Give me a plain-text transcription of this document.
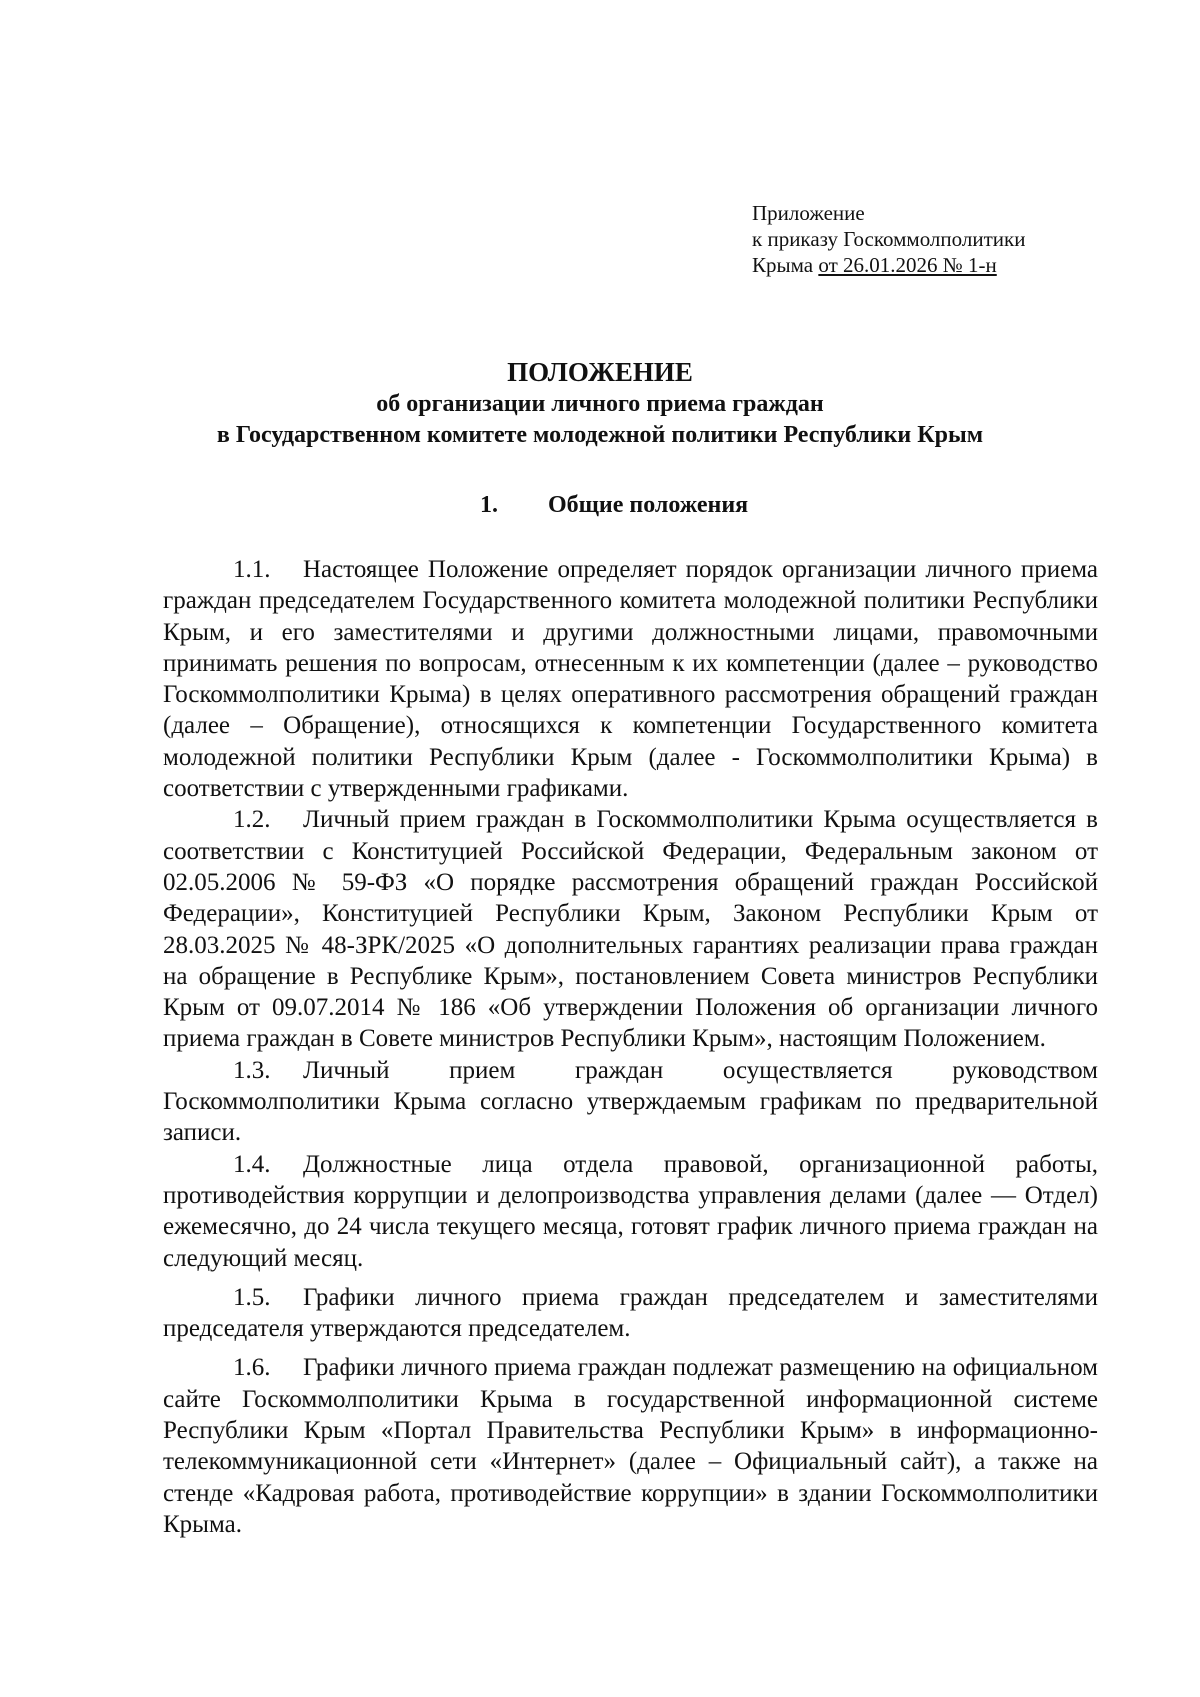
Приложение
к приказу Госкоммолполитики
Крыма от 26.01.2026 № 1-н
ПОЛОЖЕНИЕ
об организации личного приема граждан
в Государственном комитете молодежной политики Республики Крым
1. Общие положения

1.1. Настоящее Положение определяет порядок организации личного приема граждан председателем Государственного комитета молодежной политики Республики Крым, и его заместителями и другими должностными лицами, правомочными принимать решения по вопросам, отнесенным к их компетенции (далее – руководство Госкоммолполитики Крыма) в целях оперативного рассмотрения обращений граждан (далее – Обращение), относящихся к компетенции Государственного комитета молодежной политики Республики Крым (далее - Госкоммолполитики Крыма) в соответствии с утвержденными графиками.

1.2. Личный прием граждан в Госкоммолполитики Крыма осуществляется в соответствии с Конституцией Российской Федерации, Федеральным законом от 02.05.2006 № 59-ФЗ «О порядке рассмотрения обращений граждан Российской Федерации», Конституцией Республики Крым, Законом Республики Крым от 28.03.2025 № 48-ЗРК/2025 «О дополнительных гарантиях реализации права граждан на обращение в Республике Крым», постановлением Совета министров Республики Крым от 09.07.2014 № 186 «Об утверждении Положения об организации личного приема граждан в Совете министров Республики Крым», настоящим Положением.

1.3. Личный прием граждан осуществляется руководством Госкоммолполитики Крыма согласно утверждаемым графикам по предварительной записи.

1.4. Должностные лица отдела правовой, организационной работы, противодействия коррупции и делопроизводства управления делами (далее — Отдел) ежемесячно, до 24 числа текущего месяца, готовят график личного приема граждан на следующий месяц.

1.5. Графики личного приема граждан председателем и заместителями председателя утверждаются председателем.

1.6. Графики личного приема граждан подлежат размещению на официальном сайте Госкоммолполитики Крыма в государственной информационной системе Республики Крым «Портал Правительства Республики Крым» в информационно-телекоммуникационной сети «Интернет» (далее – Официальный сайт), а также на стенде «Кадровая работа, противодействие коррупции» в здании Госкоммолполитики Крыма.
